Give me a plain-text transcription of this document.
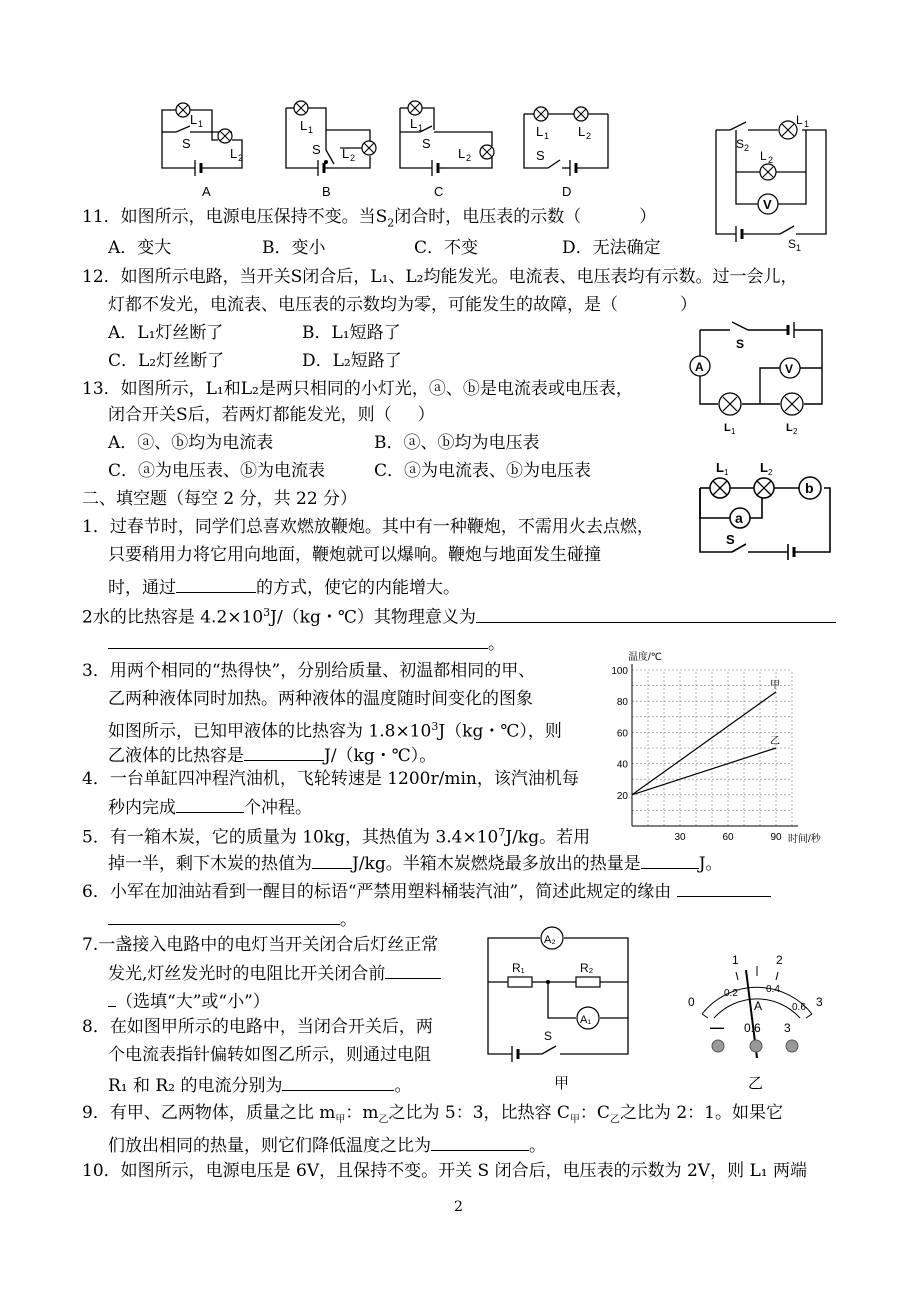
L 1
S
L 2
A
L 1
S L 2
B
L 1
S
L 2
C
L 1 L 2
S
D
S 2
L 1
L 2
V
S 1
11．如图所示，电源电压保持不变。当$S_2$闭合时，电压表的示数（	）
A．变大	B．变小	C．不变	D．无法确定
12．如图所示电路，当开关S闭合后，L₁、L₂均能发光。电流表、电压表均有示数。过一会儿，
灯都不发光，电流表、电压表的示数均为零，可能发生的故障，是（	）
A．L₁灯丝断了	B．L₁短路了
C．L₂灯丝断了	D．L₂短路了	A	V
S
L 1	L 2
13．如图所示，L₁和L₂是两只相同的小灯光，ⓐ、ⓑ是电流表或电压表，
闭合开关S后，若两灯都能发光，则（ ）
A．ⓐ、ⓑ均为电流表	B．ⓐ、ⓑ均为电压表
C．ⓐ为电压表、ⓑ为电流表	C．ⓐ为电流表、ⓑ为电压表	L 1 L 2
b
a
S
二、填空题（每空 2 分，共 22 分）
1．过春节时，同学们总喜欢燃放鞭炮。其中有一种鞭炮，不需用火去点燃，
只要稍用力将它用向地面，鞭炮就可以爆响。鞭炮与地面发生碰撞
时，通过	的方式，使它的内能增大。
2水的比热容是 $4.2\times 10^3J/(kg$・℃）其物理意义为
。
20
40
60
80
100
30	60	90
温度/℃
时间/秒
甲
乙
3．用两个相同的“热得快”，分别给质量、初温都相同的甲、
乙两种液体同时加热。两种液体的温度随时间变化的图象
如图所示，已知甲液体的比热容为 $1.8\times 10^3J(kg$・℃），则
乙液体的比热容是	J/（kg・℃）。
4．一台单缸四冲程汽油机，飞轮转速是 1200r/min，该汽油机每
秒内完成	个冲程。
5．有一箱木炭，它的质量为 10kg，其热值为 $3.4\times 10^7J/kg$。若用
掉一半，剩下木炭的热值为 J/kg。半箱木炭燃烧最多放出的热量是	J。
6．小军在加油站看到一醒目的标语“严禁用塑料桶装汽油”，简述此规定的缘由
。
7.一盏接入电路中的电灯当开关闭合后灯丝正常
发光,灯丝发光时的电阻比开关闭合前
（选填“大”或“小”）
8．在如图甲所示的电路中，当闭合开关后，两
个电流表指针偏转如图乙所示，则通过电阻
R₁ 和 R₂ 的电流分别为	。
A₂
A₁
R₁	R₂
S
甲
0
1	2
3
0.2	0.4
0.6
A
— 0.6 3
乙
9．有甲、乙两物体，质量之比 $m_甲$：$m_乙$之比为 5：3，比热容 $C_甲$：$C_乙$之比为 2：1。如果它
们放出相同的热量，则它们降低温度之比为	。
10．如图所示，电源电压是 6V，且保持不变。开关 S 闭合后，电压表的示数为 2V，则 L₁ 两端
2
